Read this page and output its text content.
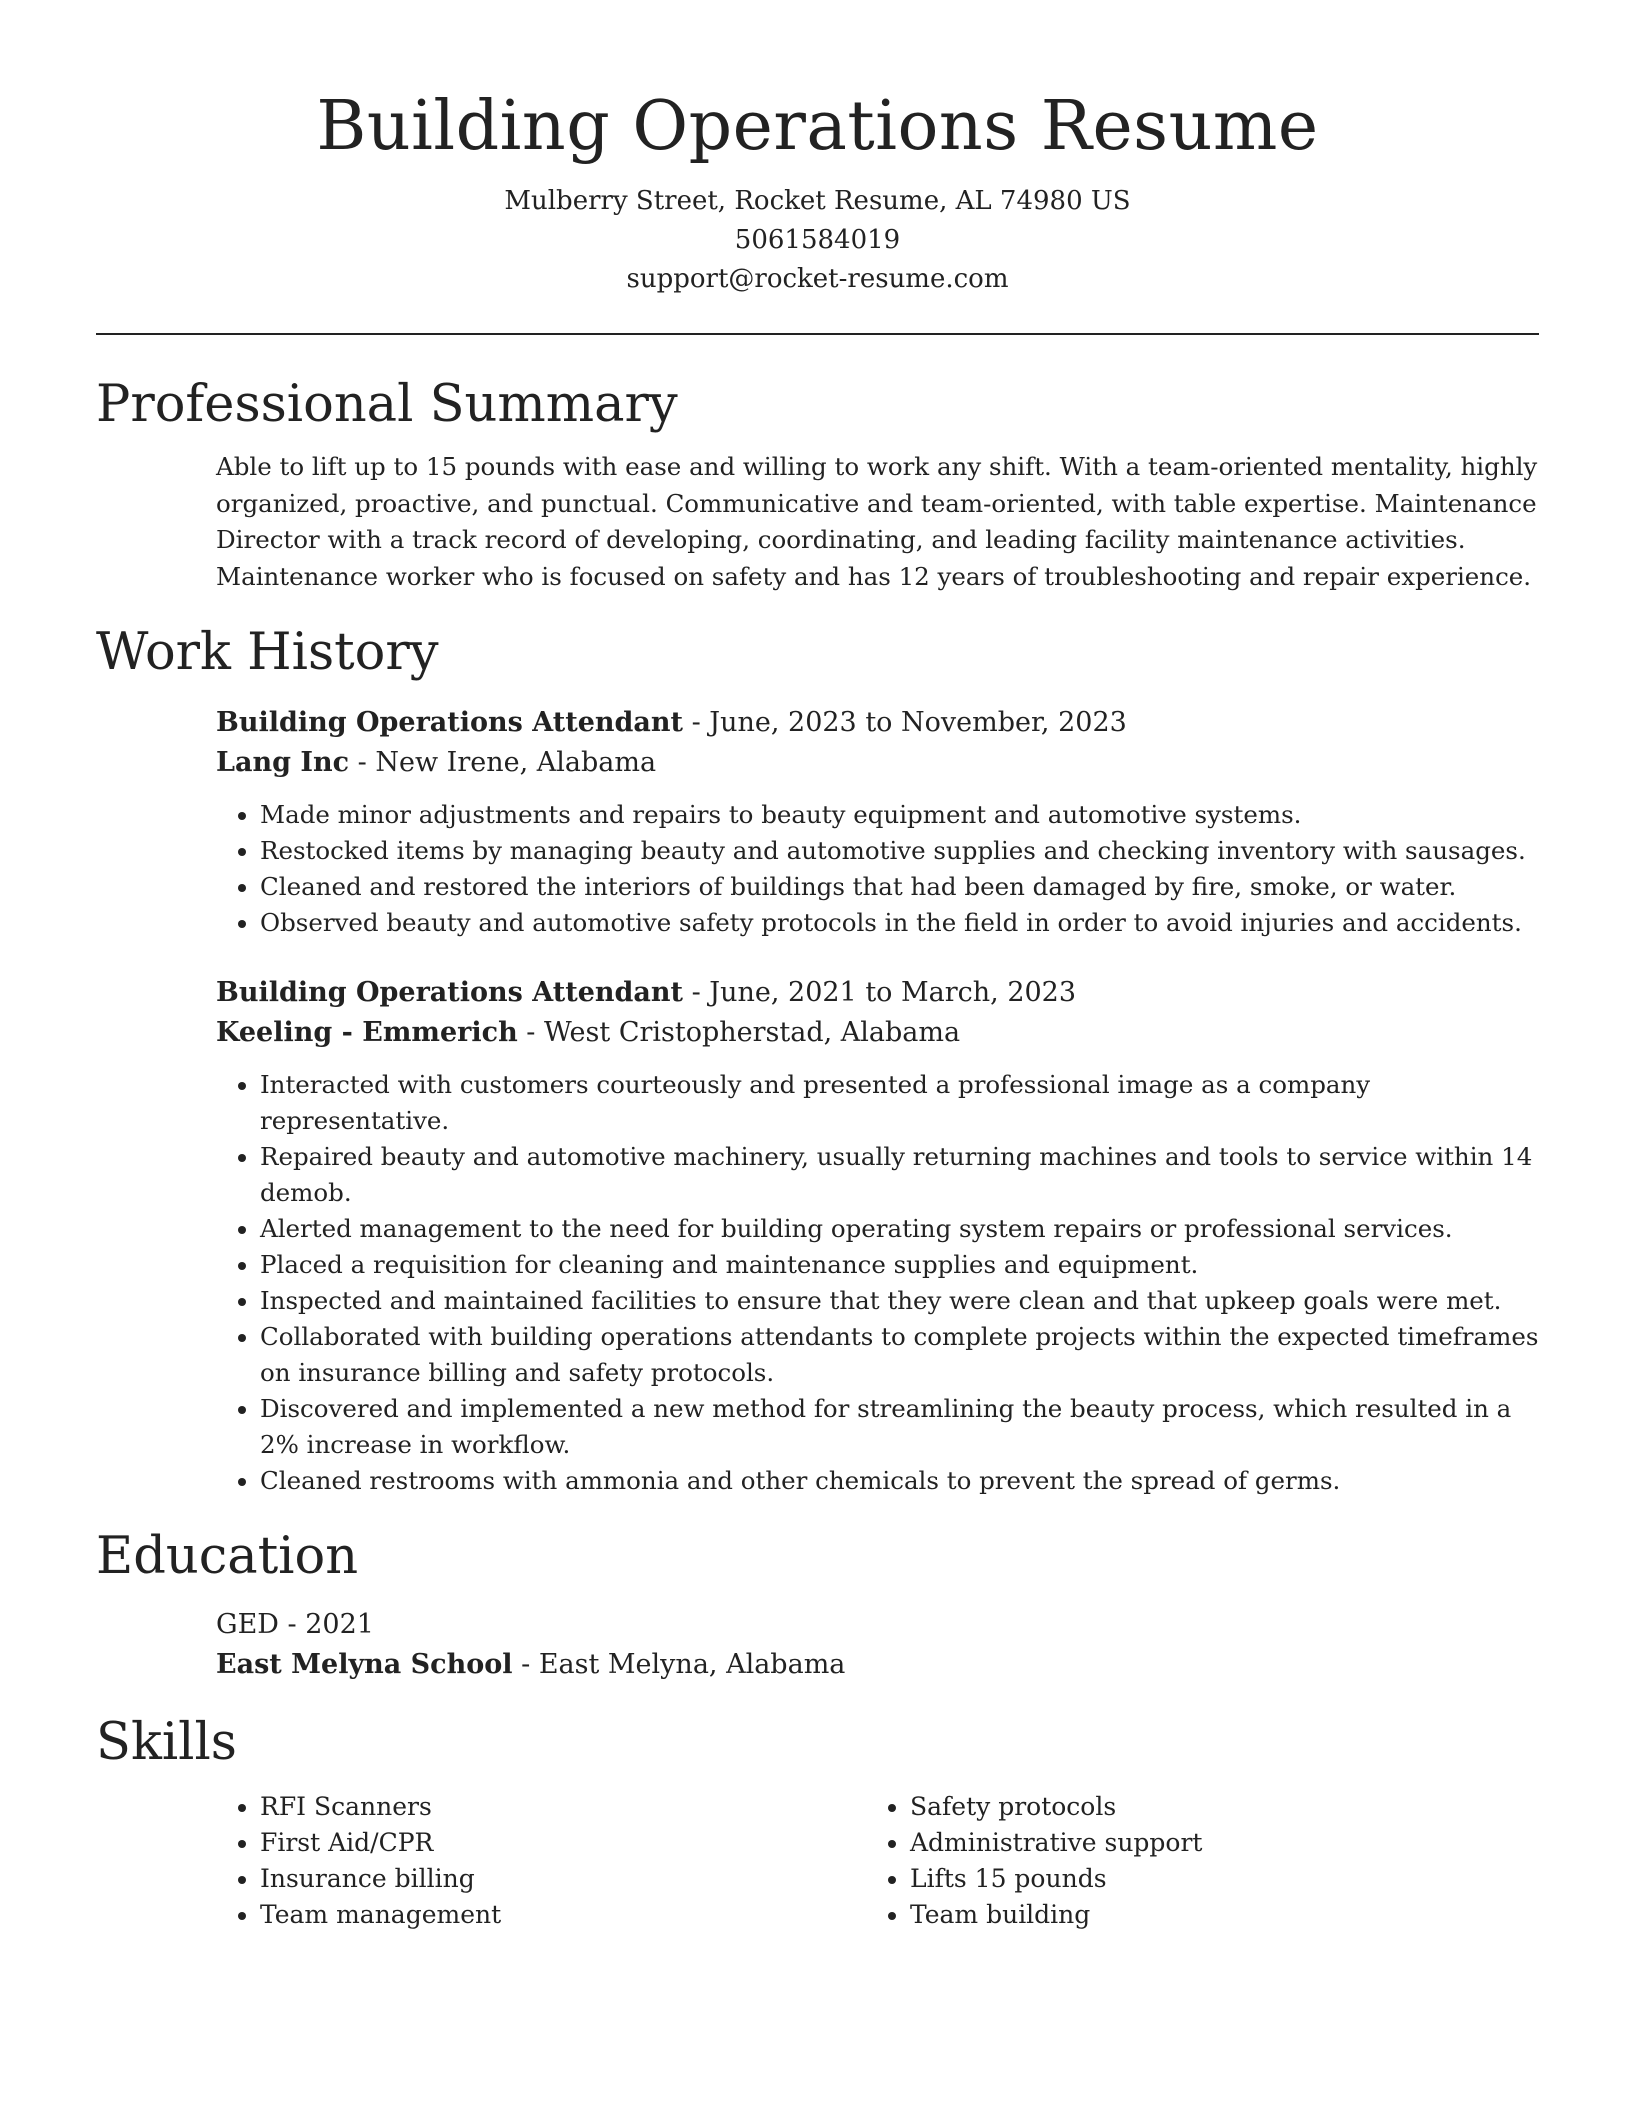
Building Operations Resume
Mulberry Street, Rocket Resume, AL 74980 US
5061584019
support@rocket-resume.com
Professional Summary

Able to lift up to 15 pounds with ease and willing to work any shift. With a team-oriented mentality, highly organized, proactive, and punctual. Communicative and team-oriented, with table expertise. Maintenance Director with a track record of developing, coordinating, and leading facility maintenance activities. Maintenance worker who is focused on safety and has 12 years of troubleshooting and repair experience.

Work History
Building Operations Attendant - June, 2023 to November, 2023
Lang Inc - New Irene, Alabama
• Made minor adjustments and repairs to beauty equipment and automotive systems.
• Restocked items by managing beauty and automotive supplies and checking inventory with sausages.
• Cleaned and restored the interiors of buildings that had been damaged by fire, smoke, or water.
• Observed beauty and automotive safety protocols in the field in order to avoid injuries and accidents.
Building Operations Attendant - June, 2021 to March, 2023
Keeling - Emmerich - West Cristopherstad, Alabama
• Interacted with customers courteously and presented a professional image as a company representative.
• Repaired beauty and automotive machinery, usually returning machines and tools to service within 14 demob.
• Alerted management to the need for building operating system repairs or professional services.
• Placed a requisition for cleaning and maintenance supplies and equipment.
• Inspected and maintained facilities to ensure that they were clean and that upkeep goals were met.
• Collaborated with building operations attendants to complete projects within the expected timeframes on insurance billing and safety protocols.
• Discovered and implemented a new method for streamlining the beauty process, which resulted in a 2% increase in workflow.
• Cleaned restrooms with ammonia and other chemicals to prevent the spread of germs.
Education
GED - 2021
East Melyna School - East Melyna, Alabama
Skills
• RFI Scanners
• First Aid/CPR
• Insurance billing
• Team management
• Safety protocols
• Administrative support
• Lifts 15 pounds
• Team building
